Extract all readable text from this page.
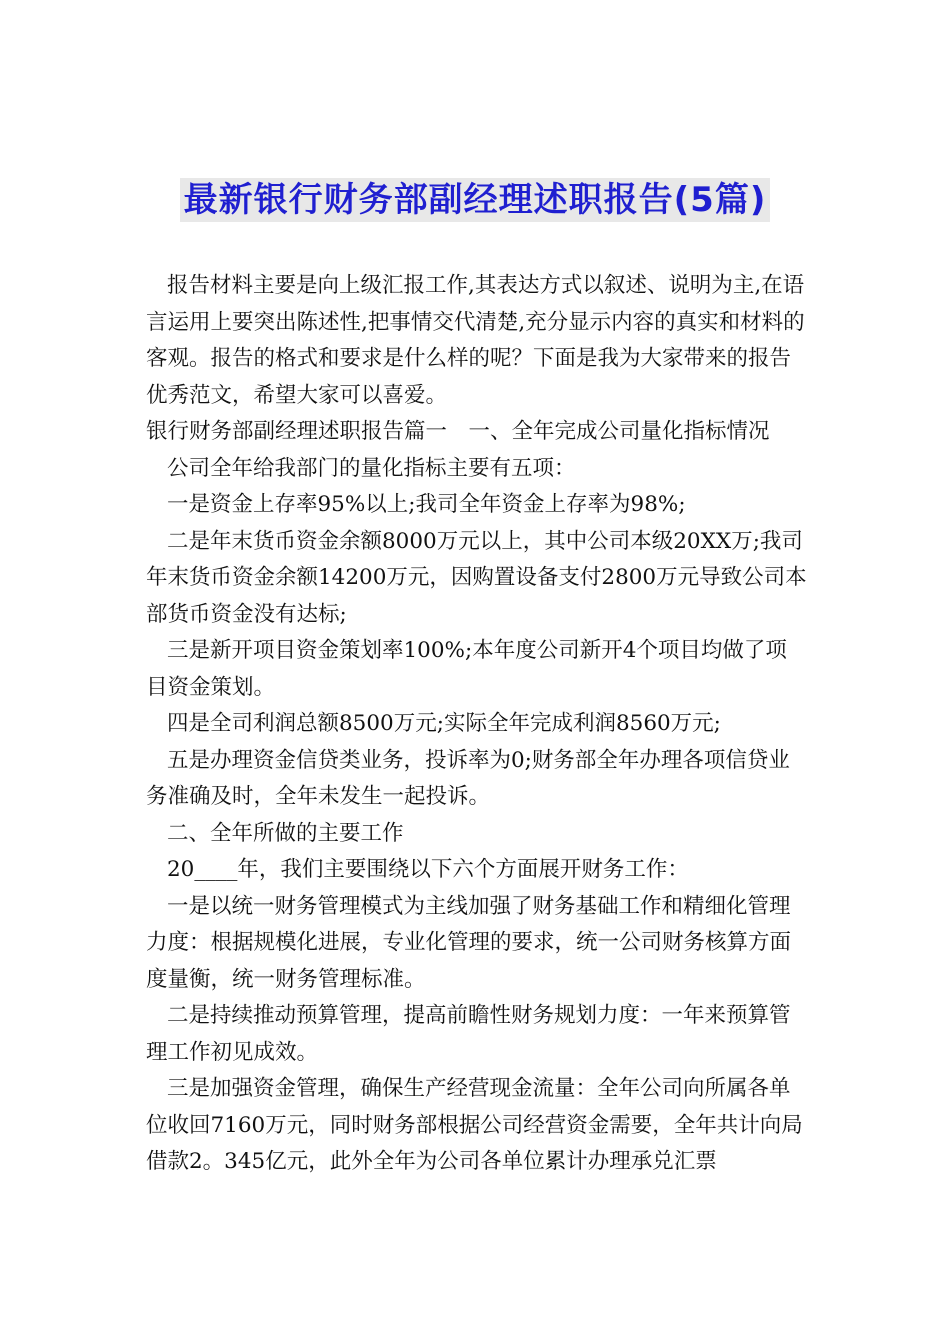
最新银行财务部副经理述职报告(5篇)

报告材料主要是向上级汇报工作,其表达方式以叙述、说明为主,在语言运用上要突出陈述性,把事情交代清楚,充分显示内容的真实和材料的客观。报告的格式和要求是什么样的呢？下面是我为大家带来的报告优秀范文，希望大家可以喜爱。

银行财务部副经理述职报告篇一　一、全年完成公司量化指标情况

公司全年给我部门的量化指标主要有五项：

一是资金上存率95%以上;我司全年资金上存率为98%;

二是年末货币资金余额8000万元以上，其中公司本级20XX万;我司年末货币资金余额14200万元，因购置设备支付2800万元导致公司本部货币资金没有达标;

三是新开项目资金策划率100%;本年度公司新开4个项目均做了项目资金策划。

四是全司利润总额8500万元;实际全年完成利润8560万元;

五是办理资金信贷类业务，投诉率为0;财务部全年办理各项信贷业务准确及时，全年未发生一起投诉。

二、全年所做的主要工作

20____年，我们主要围绕以下六个方面展开财务工作：

一是以统一财务管理模式为主线加强了财务基础工作和精细化管理力度：根据规模化进展，专业化管理的要求，统一公司财务核算方面度量衡，统一财务管理标准。

二是持续推动预算管理，提高前瞻性财务规划力度：一年来预算管理工作初见成效。

三是加强资金管理，确保生产经营现金流量：全年公司向所属各单位收回7160万元，同时财务部根据公司经营资金需要，全年共计向局借款2。345亿元，此外全年为公司各单位累计办理承兑汇票
